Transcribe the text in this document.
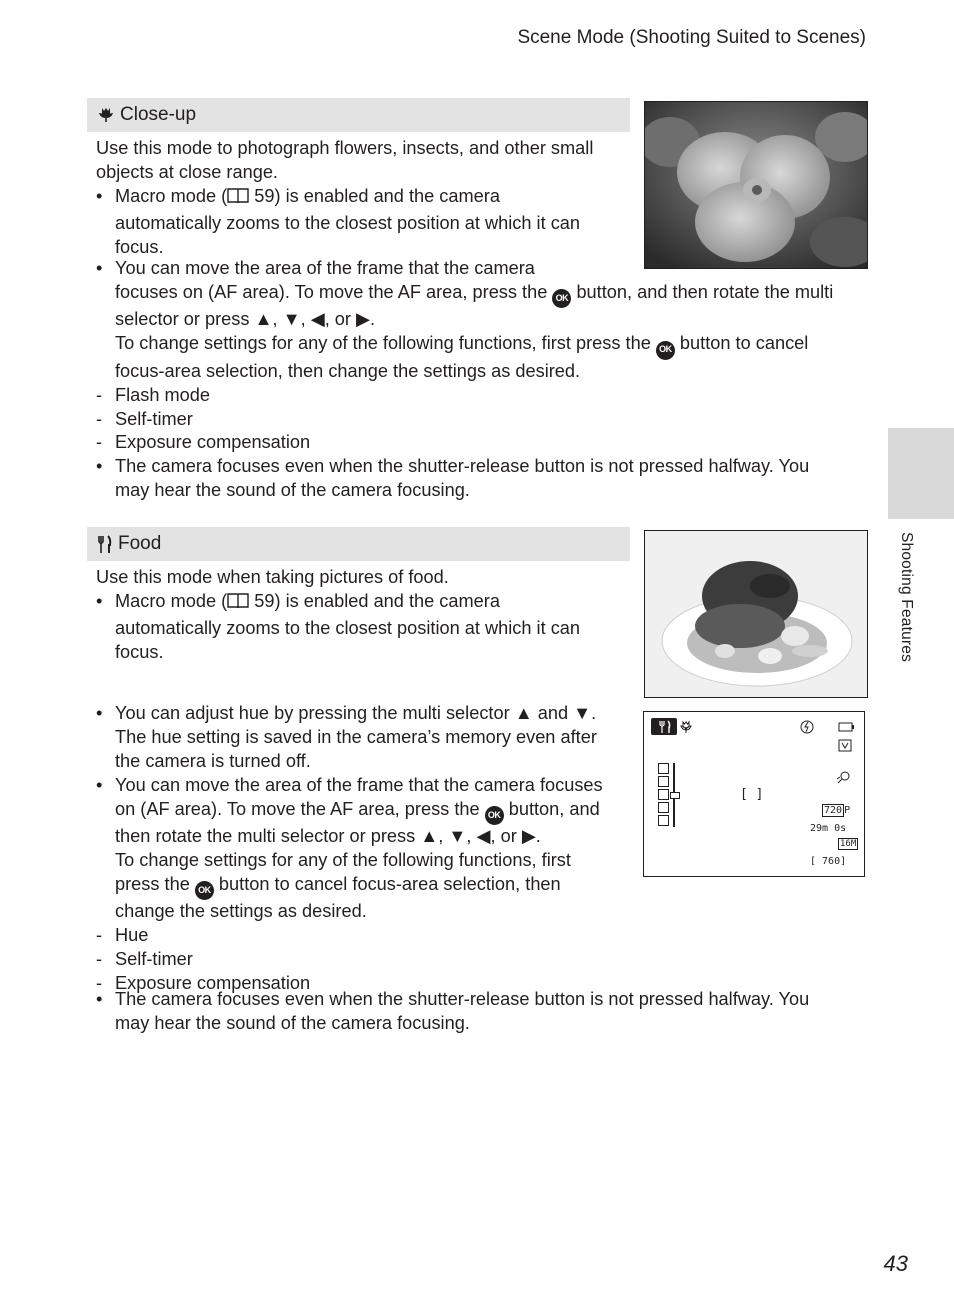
Scene Mode (Shooting Suited to Scenes)
Shooting Features
Close-up

Use this mode to photograph flowers, insects, and other small

objects at close range.

• Macro mode ( 59) is enabled and the camera

automatically zooms to the closest position at which it can

focus.

• You can move the area of the frame that the camera

focuses on (AF area). To move the AF area, press the OK button, and then rotate the multi

selector or press ▲, ▼, ◀, or ▶.

To change settings for any of the following functions, first press the OK button to cancel

focus-area selection, then change the settings as desired.

- Flash mode

- Self-timer

- Exposure compensation

• The camera focuses even when the shutter-release button is not pressed halfway. You

may hear the sound of the camera focusing.

Food
[ ]
720 P
29m 0s
16M
[ 760]

Use this mode when taking pictures of food.

• Macro mode ( 59) is enabled and the camera

automatically zooms to the closest position at which it can

focus.

• You can adjust hue by pressing the multi selector ▲ and ▼.

The hue setting is saved in the camera’s memory even after

the camera is turned off.

• You can move the area of the frame that the camera focuses

on (AF area). To move the AF area, press the OK button, and

then rotate the multi selector or press ▲, ▼, ◀, or ▶.

To change settings for any of the following functions, first

press the OK button to cancel focus-area selection, then

change the settings as desired.

- Hue

- Self-timer

- Exposure compensation

• The camera focuses even when the shutter-release button is not pressed halfway. You

may hear the sound of the camera focusing.

43
